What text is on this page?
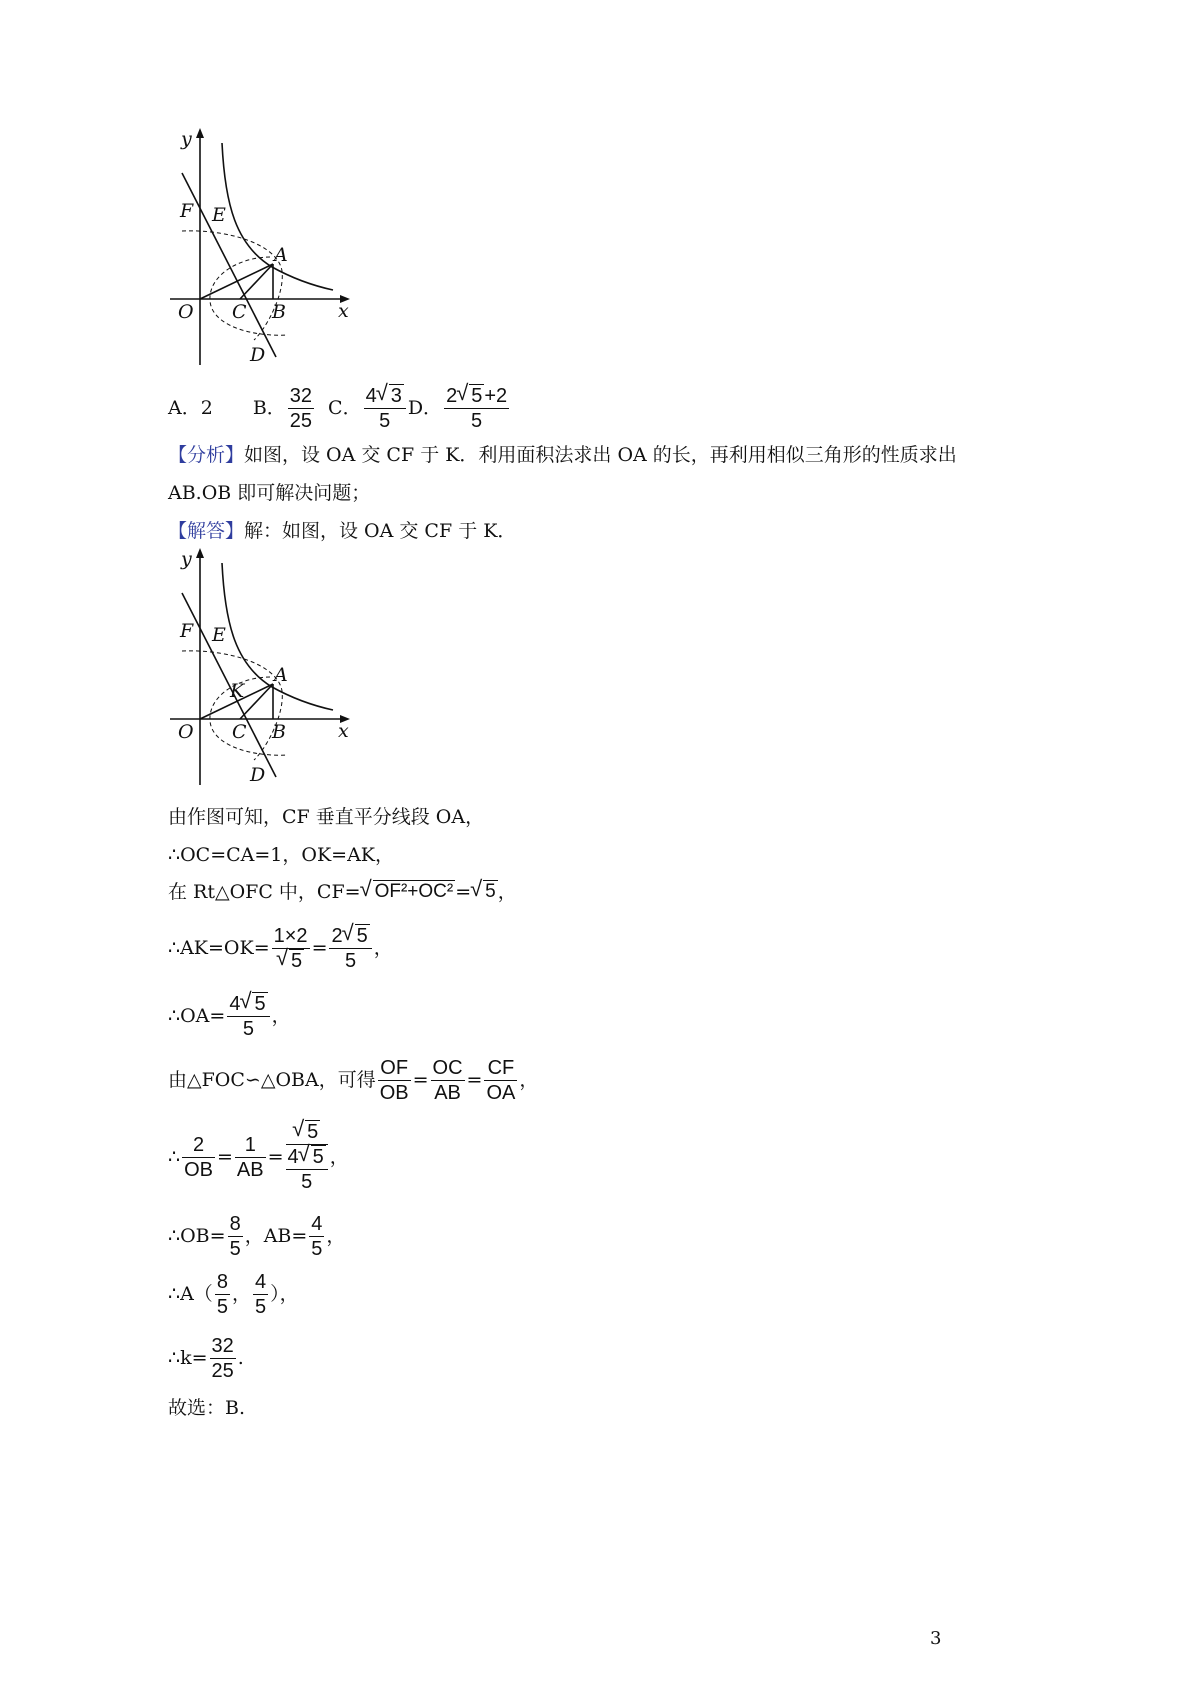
y
F E
A
O C B	x
D
A．2 B． $\frac{32}{25}$ C． $\frac{4 √ 3}{5}$ D． $\frac{2 √ 5 +2}{5}$
【分析】如图，设 OA 交 CF 于 K．利用面积法求出 OA 的长，再利用相似三角形的性质求出
AB.OB 即可解决问题；
【解答】解：如图，设 OA 交 CF 于 K．
y
F E
A
K
O C B	x
D
由作图可知，CF 垂直平分线段 OA，
∴OC=CA=1，OK=AK，
在 Rt△OFC 中，CF= √ OF²+OC² = √ 5 ，
∴AK=OK= 1×2
√ $5 = \frac{2 √ 5}{5}$ ，
∴OA= $\frac{4 √ 5}{5}$ ，
由△FOC∽△OBA，可得 $\frac{OF}{OB} = \frac{OC}{AB} = \frac{CF}{OA}$ ，
∴ $\frac{2}{OB} = \frac{1}{AB}$ = √ $\frac{5}{\frac{4 √ 5}{5}}$ ，
∴OB= $\frac{8}{5}$ ，$AB= \frac{4}{5}$ ，
∴A（ $\frac{8}{5}$ ， $\frac{4}{5}$ ），
∴k= $\frac{32}{25}$ .
故选：B.
3
